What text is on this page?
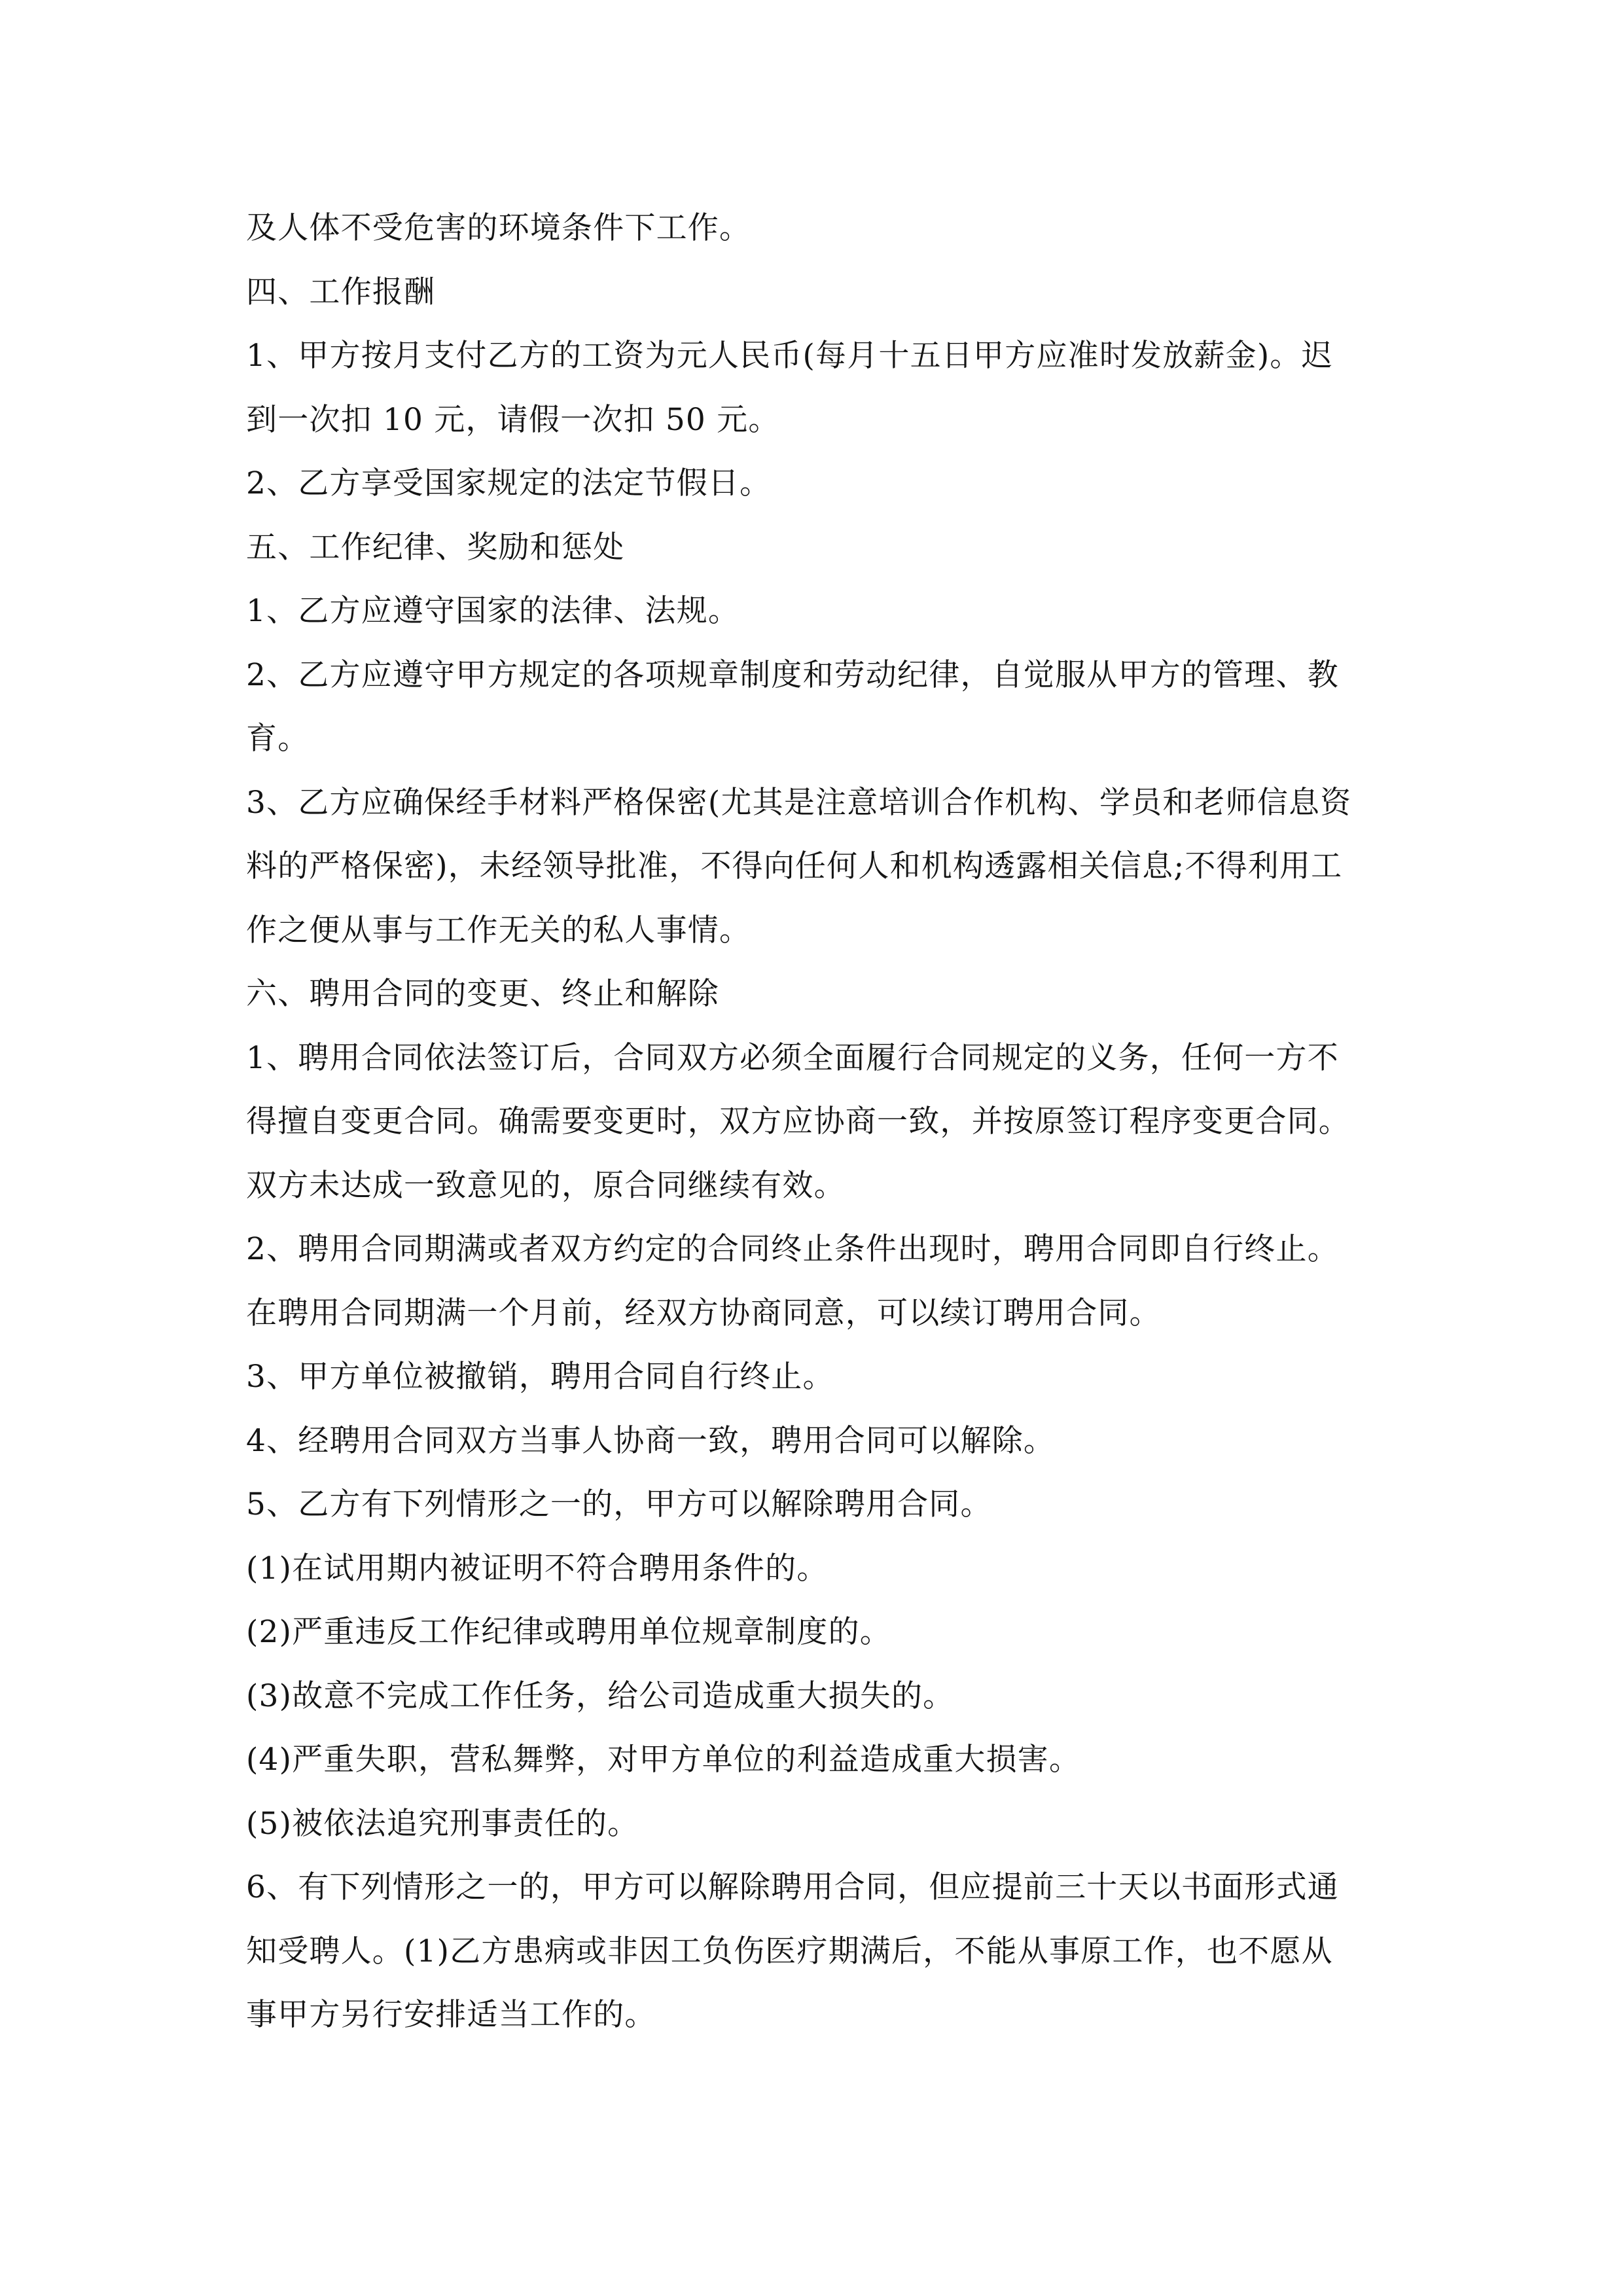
及人体不受危害的环境条件下工作。

四、工作报酬

1、甲方按月支付乙方的工资为元人民币(每月十五日甲方应准时发放薪金)。迟

到一次扣 10 元，请假一次扣 50 元。

2、乙方享受国家规定的法定节假日。

五、工作纪律、奖励和惩处

1、乙方应遵守国家的法律、法规。

2、乙方应遵守甲方规定的各项规章制度和劳动纪律，自觉服从甲方的管理、教

育。

3、乙方应确保经手材料严格保密(尤其是注意培训合作机构、学员和老师信息资

料的严格保密)，未经领导批准，不得向任何人和机构透露相关信息;不得利用工

作之便从事与工作无关的私人事情。

六、聘用合同的变更、终止和解除

1、聘用合同依法签订后，合同双方必须全面履行合同规定的义务，任何一方不

得擅自变更合同。确需要变更时，双方应协商一致，并按原签订程序变更合同。

双方未达成一致意见的，原合同继续有效。

2、聘用合同期满或者双方约定的合同终止条件出现时，聘用合同即自行终止。

在聘用合同期满一个月前，经双方协商同意，可以续订聘用合同。

3、甲方单位被撤销，聘用合同自行终止。

4、经聘用合同双方当事人协商一致，聘用合同可以解除。

5、乙方有下列情形之一的，甲方可以解除聘用合同。

(1)在试用期内被证明不符合聘用条件的。

(2)严重违反工作纪律或聘用单位规章制度的。

(3)故意不完成工作任务，给公司造成重大损失的。

(4)严重失职，营私舞弊，对甲方单位的利益造成重大损害。

(5)被依法追究刑事责任的。

6、有下列情形之一的，甲方可以解除聘用合同，但应提前三十天以书面形式通

知受聘人。(1)乙方患病或非因工负伤医疗期满后，不能从事原工作，也不愿从

事甲方另行安排适当工作的。
